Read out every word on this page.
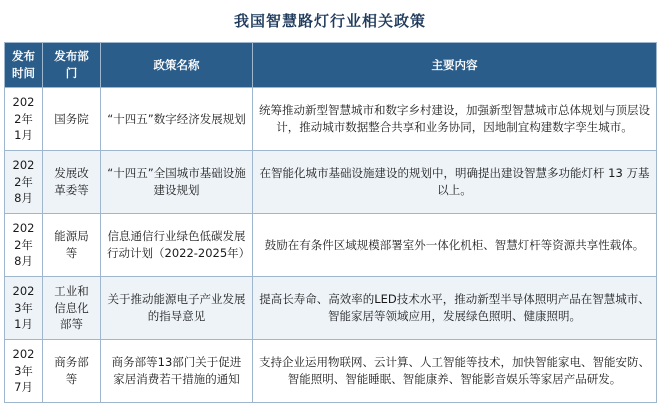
我国智慧路灯行业相关政策
发布时间	发布部门	政策名称	主要内容
2022年1月	国务院	“十四五”数字经济发展规划	统筹推动新型智慧城市和数字乡村建设，加强新型智慧城市总体规划与顶层设计，推动城市数据整合共享和业务协同，因地制宜构建数字孪生城市。
2022年8月	发展改革委等	“十四五”全国城市基础设施建设规划	在智能化城市基础设施建设的规划中，明确提出建设智慧多功能灯杆 13 万基以上。
2022年8月	能源局等	信息通信行业绿色低碳发展行动计划（2022-2025年）	鼓励在有条件区域规模部署室外一体化机柜、智慧灯杆等资源共享性载体。
2023年1月	工业和信息化部等	关于推动能源电子产业发展的指导意见	提高长寿命、高效率的LED技术水平，推动新型半导体照明产品在智慧城市、智能家居等领域应用，发展绿色照明、健康照明。
2023年7月	商务部等	商务部等13部门关于促进家居消费若干措施的通知	支持企业运用物联网、云计算、人工智能等技术，加快智能家电、智能安防、智能照明、智能睡眠、智能康养、智能影音娱乐等家居产品研发。
